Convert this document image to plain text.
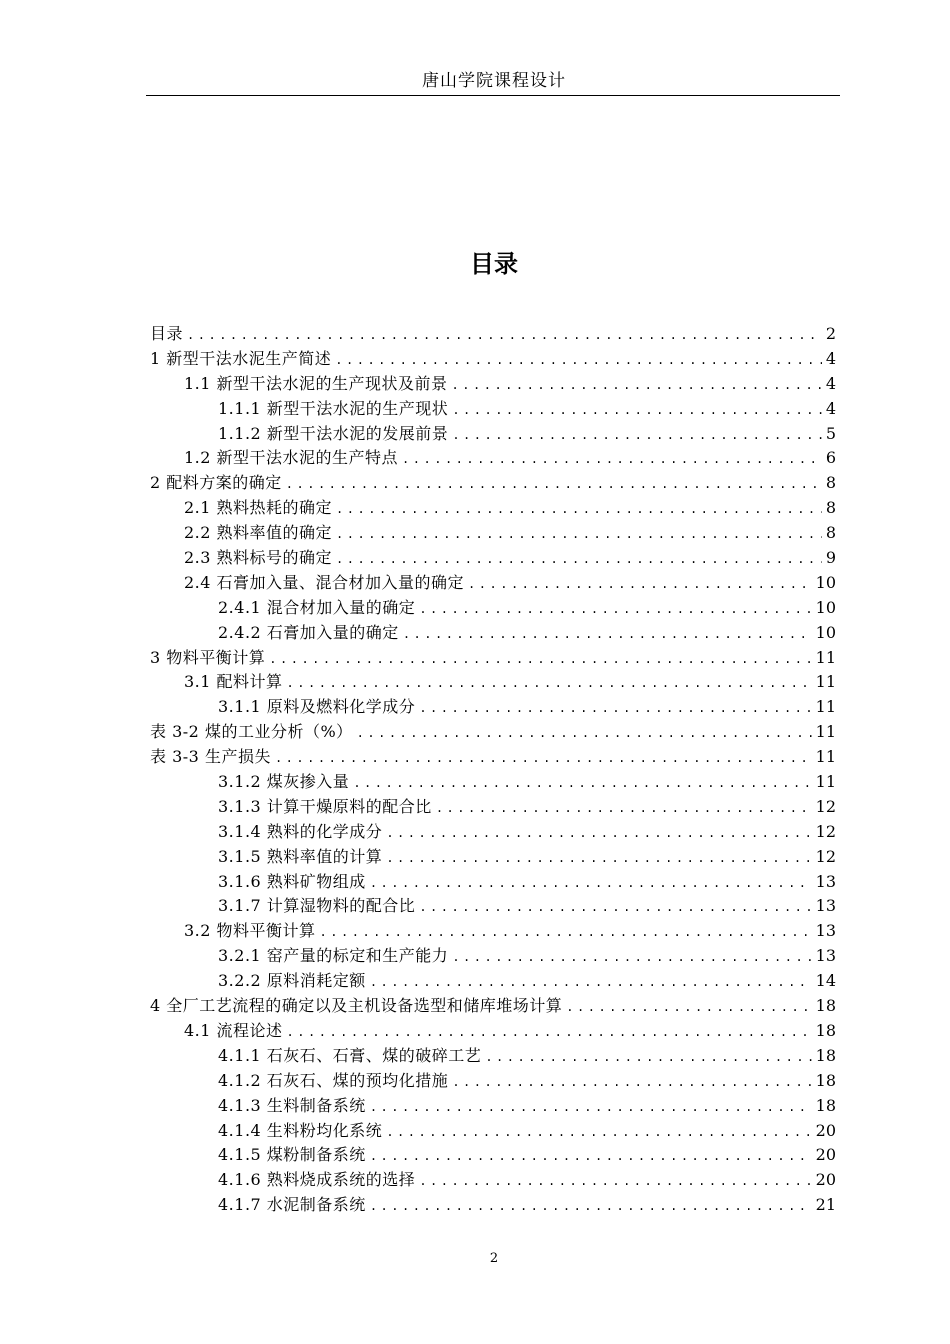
唐山学院课程设计
目录
目录 .....	2
1 新型干法水泥生产简述 .....	4
1.1 新型干法水泥的生产现状及前景 .....	4
1.1.1 新型干法水泥的生产现状 .....	4
1.1.2 新型干法水泥的发展前景 .....	5
1.2 新型干法水泥的生产特点 .....	6
2 配料方案的确定 .....	8
2.1 熟料热耗的确定 .....	8
2.2 熟料率值的确定 .....	8
2.3 熟料标号的确定 .....	9
2.4 石膏加入量、混合材加入量的确定 .....	10
2.4.1 混合材加入量的确定 .....	10
2.4.2 石膏加入量的确定 .....	10
3 物料平衡计算 .....	11
3.1 配料计算 .....	11
3.1.1 原料及燃料化学成分 .....	11
表 3-2 煤的工业分析（%） .....	11
表 3-3 生产损失 .....	11
3.1.2 煤灰掺入量 .....	11
3.1.3 计算干燥原料的配合比 .....	12
3.1.4 熟料的化学成分 .....	12
3.1.5 熟料率值的计算 .....	12
3.1.6 熟料矿物组成 .....	13
3.1.7 计算湿物料的配合比 .....	13
3.2 物料平衡计算 .....	13
3.2.1 窑产量的标定和生产能力 .....	13
3.2.2 原料消耗定额 .....	14
4 全厂工艺流程的确定以及主机设备选型和储库堆场计算 .....	18
4.1 流程论述 .....	18
4.1.1 石灰石、石膏、煤的破碎工艺 .....	18
4.1.2 石灰石、煤的预均化措施 .....	18
4.1.3 生料制备系统 .....	18
4.1.4 生料粉均化系统 .....	20
4.1.5 煤粉制备系统 .....	20
4.1.6 熟料烧成系统的选择 .....	20
4.1.7 水泥制备系统 .....	21
2
